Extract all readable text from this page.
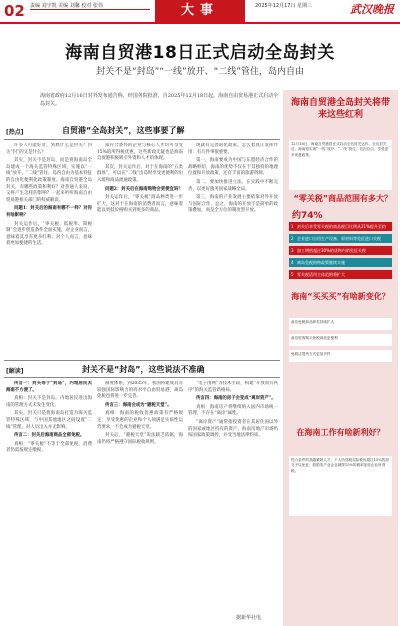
02 责编 刘宇凯 美编 刘馨 校对 张伟	大事	2025年12月17日 星期三	武汉晚报
海南自贸港18日正式启动全岛封关
封关不是“封岛”“一线”放开、“二线”管住，岛内自由
海南省政府12月16日对外发布通告称，经国务院批准，自2025年12月18日起，海南自由贸易港正式启动全岛封关。
[热点]	自贸港“全岛封关”，这些事要了解

许多人可能好奇，到底什么是封关？封关“封”的又是什么？

其实，封关不是封岛，而是将海南岛全岛建成一个海关监管特殊区域，实施以“一线”放开、“二线”管住、岛内自由为基本特征的自由化便利化政策制度。海南自贸港全岛封关，有哪些政策和利好？对普通人来说，又将产生怎样的影响？一起来听听海南自由贸易港相关部门的权威解读。

问题1：封关后的海南有哪不一样？对你有啥影响？

封关运作后，“零关税、低税率、简税制”会逐步创造条件全面实施，对企业而言，意味着其享有更多红利；对个人而言，意味着更加便捷的生活。

部符合条件的企业与核心人才均可享受15%的所得税优惠，这些新政无疑也是海南自贸港积极吸引外资和人才的体现。

其次，封关运作后，对于在海南的“五类群体”，可以在“二线”出岛时享受更便利的出入境和商品流通政策。

问题2：封关后在海南购物会更便宜吗？

封关运作后，“零关税”商品种类进一步扩大，这对于在海南的消费者而言，意味着能以更低价格购买到更多的商品。

现就有完善的化政策。怎么着真正发挥作用：有几件事很重要。

第一，海南要成为中国与东盟经济合作的战略枢纽，海南的优势不仅在于其独特的地理位置和开放政策，还有丰富的旅游资源。

第二，要加快推进立法，在实践中不断完善，以更好服务国家战略全局。

第三，海南的产业发展主要依靠对外开放与国际合作。总之，海南的开放不是简单的政策叠加，而是全方位的制度型开放。

[解读]	封关不是“封岛”，这些说法不准确

传言一：封关等于“封岛”，内地居民去海南不方便了。

真相：封关不是封岛。内地居民进出海南的管理方式未发生变化。

其实，封关只是将海南岛打造为海关监管特殊区域，与中国其他地区之间设置“二线”管理，对人员出入并无影响。

传言二：封关后海南商品全部免税。

真相：“零关税”不等于全部免税，消费者仍需按规定缴税。

制度体系，到2035年，我国将建成具有较强国际影响力的高水平自由贸易港，离岛免税也将进一步完善。

传言三：海南会成为“避税天堂”。

真相：海南的税收优惠政策有严格规定，享受优惠的企业和个人须满足实质性运营要求，不会成为避税天堂。

封关后，“避税天堂”说法缺乏依据，海南仍将严格遵守国际税收规则。

“电子围网”等技术手段，构建“开放而有秩序”的海关监管新格局。

传言四：海南的房子会变成“离岸资产”。

真相：海南房产将继续纳入国内市场统一管理，不存在“离岸”属性。

“离岸资产”通常指投资者在其居住国以外的国家或地区持有的资产，海南房地产市场仍按国家政策调控，并受当地法律约束。

据新华社电
海南自贸港全岛封关将带来这些红利
12月18日，海南自贸港将正式启动全岛封关运作。全岛封关后，海南将实现“一线”放开、“二线”管住、岛内自由，享受更多优惠政策。
“零关税”商品范围有多大？
约74%
1 封关后享受零关税的商品税目比例从21%提升至约
2 企业进口自用生产设备、原材料等免征进口关税
3 加工增值超过30%的货物内销免征关税
4 离岛免税购物政策继续实施
5 零关税适用主体范围将扩大
海南“买买买”有啥新变化？
离岛免税商品种类持续扩大
离岛旅客购买免税商品更便利
免税店提货方式更加多样
在海南工作有啥新利好？
符合条件的高端紧缺人才，个人所得税实际税负超过15%的部分予以免征；鼓励类产业企业减按15%的税率征收企业所得税。
